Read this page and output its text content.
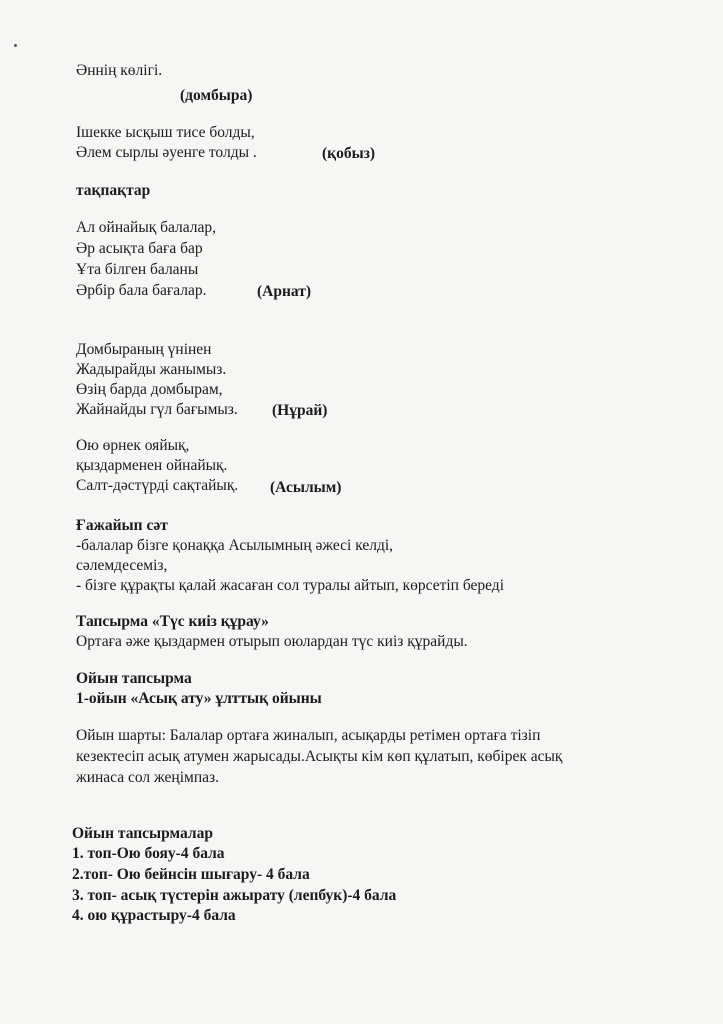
Әннің көлігі.
(домбыра)
Ішекке ысқыш тисе болды,
Әлем сырлы әуенге толды .	(қобыз)
тақпақтар
Ал ойнайық балалар,
Әр асықта баға бар
Ұта білген баланы
Әрбір бала бағалар.	(Арнат)
Домбыраның үнінен
Жадырайды жанымыз.
Өзің барда домбырам,
Жайнайды гүл бағымыз. (Нұрай)
Ою өрнек ояйық,
қыздарменен ойнайық.
Салт-дәстүрді сақтайық. (Асылым)
Ғажайып сәт
-балалар бізге қонаққа Асылымның әжесі келді,
сәлемдесеміз,
- бізге құрақты қалай жасаған сол туралы айтып, көрсетіп береді
Тапсырма «Түс киіз құрау»
Ортаға әже қыздармен отырып оюлардан түс киіз құрайды.
Ойын тапсырма
1-ойын «Асық ату» ұлттық ойыны
Ойын шарты: Балалар ортаға жиналып, асықарды ретімен ортаға тізіп
кезектесіп асық атумен жарысады.Асықты кім көп құлатып, көбірек асық
жинаса сол жеңімпаз.
Ойын тапсырмалар
1. топ-Ою бояу-4 бала
2.топ- Ою бейнсін шығару- 4 бала
3. топ- асық түстерін ажырату (лепбук)-4 бала
4. ою құрастыру-4 бала
